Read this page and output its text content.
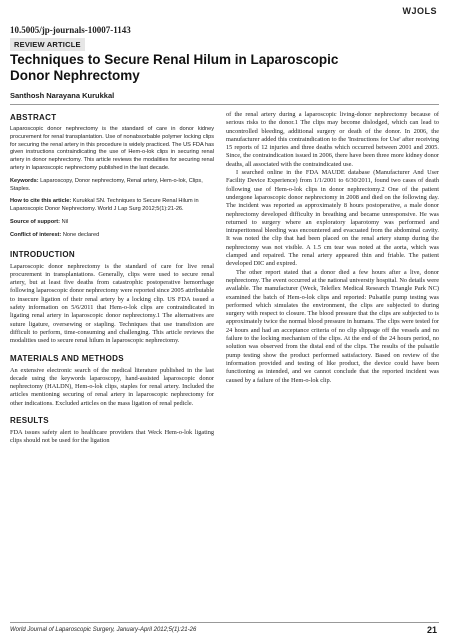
WJOLS
10.5005/jp-journals-10007-1143
REVIEW ARTICLE
Techniques to Secure Renal Hilum in Laparoscopic Donor Nephrectomy
Santhosh Narayana Kurukkal
ABSTRACT

Laparoscopic donor nephrectomy is the standard of care in donor kidney procurement for renal transplantation. Use of nonabsorbable polymer locking clips for securing the renal artery in this procedure is widely practiced. The US FDA has given instructions contraindicating the use of Hem-o-lok clips in securing renal artery in donor nephrectomy. This article reviews the modalities for securing renal artery in laparoscopic nephrectomy published in the last decade.

Keywords: Laparoscopy, Donor nephrectomy, Renal artery, Hem-o-lok, Clips, Staples.

How to cite this article: Kurukkal SN. Techniques to Secure Renal Hilum in Laparoscopic Donor Nephrectomy. World J Lap Surg 2012;5(1):21-26.

Source of support: Nil

Conflict of interest: None declared

INTRODUCTION

Laparoscopic donor nephrectomy is the standard of care for live renal procurement in transplantations. Generally, clips were used to secure renal artery, but at least five deaths from catastrophic postoperative hemorrhage following laparoscopic donor nephrectomy were reported since 2005 attributable to insecure ligation of their renal artery by a locking clip. US FDA issued a safety information on 5/6/2011 that Hem-o-lok clips are contraindicated in ligating renal artery in laparoscopic donor nephrectomy.1 The alternatives are suture ligature, oversewing or stapling. Techniques that use transfixion are difficult to perform, time-consuming and challenging. This article reviews the modalities used to secure renal hilum in laparoscopic nephrectomy.

MATERIALS AND METHODS

An extensive electronic search of the medical literature published in the last decade using the keywords laparoscopy, hand-assisted laparoscopic donor nephrectomy (HALDN), Hem-o-lok clips, staples for renal artery. Included the articles mentioning securing of renal artery in laparoscopic nephrectomy for other indications. Excluded articles on the mass ligation of renal pedicle.

RESULTS

FDA issues safety alert to healthcare providers that Weck Hem-o-lok ligating clips should not be used for the ligation

of the renal artery during a laparoscopic living-donor nephrectomy because of serious risks to the donor.1 The clips may become dislodged, which can lead to uncontrolled bleeding, additional surgery or death of the donor. In 2006, the manufacturer added this contraindication to the 'Instructions for Use' after receiving 15 reports of 12 injuries and three deaths which occurred between 2001 and 2005. Since, the contraindication issued in 2006, there have been three more kidney donor deaths, all associated with the contraindicated use.

I searched online in the FDA MAUDE database (Manufacturer And User Facility Device Experience) from 1/1/2001 to 6/30/2011, found two cases of death following use of Hem-o-lok clips in donor nephrectomy.2 One of the patient undergone laparoscopic donor nephrectomy in 2008 and died on the following day. The incident was reported as approximately 8 hours postoperative, a male donor nephrectomy developed difficulty in breathing and became unresponsive. He was returned to surgery where an exploratory laparotomy was performed and intraperitoneal bleeding was encountered and evacuated from the abdominal cavity. It was noted the clip that had been placed on the renal artery stump during the nephrectomy was not visible. A 1.5 cm tear was noted at the aorta, which was clamped and repaired. The renal artery appeared thin and friable. The patient developed DIC and expired.

The other report stated that a donor died a few hours after a live, donor nephrectomy. The event occurred at the national university hospital. No details were available. The manufacturer (Weck, Teleflex Medical Research Triangle Park NC) examined the batch of Hem-o-lok clips and reported: Pulsatile pump testing was performed which simulates the environment, the clips are subjected to during surgery with respect to closure. The blood pressure that the clips are subjected to is approximately twice the normal blood pressure in humans. The clips were tested for 24 hours and had an acceptance criteria of no clip slippage off the vessels and no failure to the locking mechanism of the clips. At the end of the 24 hours period, no solution was observed from the distal end of the clips. The results of the pulsatile pump testing show the product performed satisfactory. Based on review of the information provided and testing of like product, the device could have been functioning as intended, and we cannot conclude that the reported incident was caused by a failure of the Hem-o-lok clip.

World Journal of Laparoscopic Surgery, January-April 2012;5(1):21-26	21
